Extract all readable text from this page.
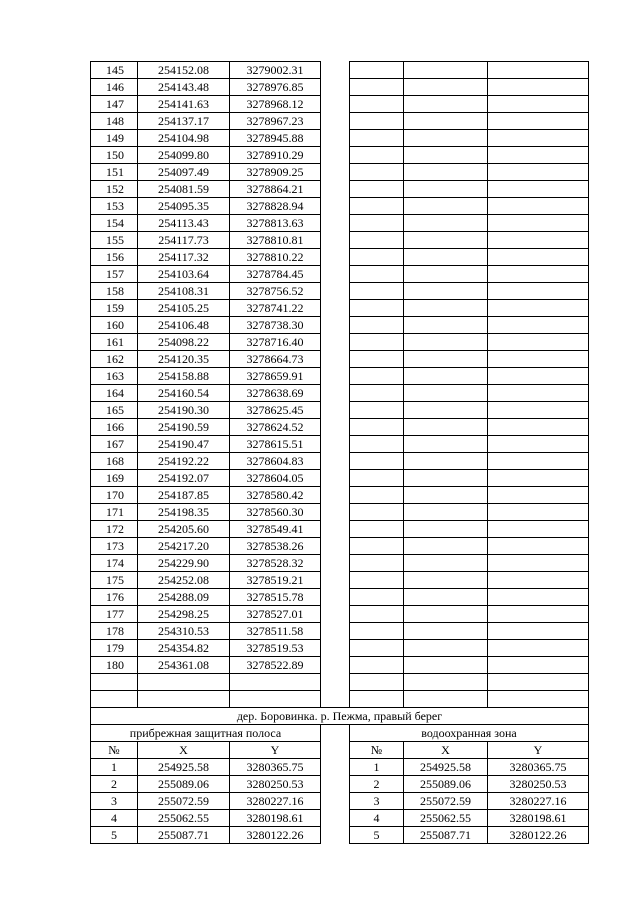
145	254152.08	3279002.31				
146	254143.48	3278976.85				
147	254141.63	3278968.12				
148	254137.17	3278967.23				
149	254104.98	3278945.88				
150	254099.80	3278910.29				
151	254097.49	3278909.25				
152	254081.59	3278864.21				
153	254095.35	3278828.94				
154	254113.43	3278813.63				
155	254117.73	3278810.81				
156	254117.32	3278810.22				
157	254103.64	3278784.45				
158	254108.31	3278756.52				
159	254105.25	3278741.22				
160	254106.48	3278738.30				
161	254098.22	3278716.40				
162	254120.35	3278664.73				
163	254158.88	3278659.91				
164	254160.54	3278638.69				
165	254190.30	3278625.45				
166	254190.59	3278624.52				
167	254190.47	3278615.51				
168	254192.22	3278604.83				
169	254192.07	3278604.05				
170	254187.85	3278580.42				
171	254198.35	3278560.30				
172	254205.60	3278549.41				
173	254217.20	3278538.26				
174	254229.90	3278528.32				
175	254252.08	3278519.21				
176	254288.09	3278515.78				
177	254298.25	3278527.01				
178	254310.53	3278511.58				
179	254354.82	3278519.53				
180	254361.08	3278522.89				

дер. Боровинка. р. Пежма, правый берег						
прибрежная защитная полоса				водоохранная зона		
№	X	Y		№	X	Y
1	254925.58	3280365.75		1	254925.58	3280365.75
2	255089.06	3280250.53		2	255089.06	3280250.53
3	255072.59	3280227.16		3	255072.59	3280227.16
4	255062.55	3280198.61		4	255062.55	3280198.61
5	255087.71	3280122.26		5	255087.71	3280122.26
